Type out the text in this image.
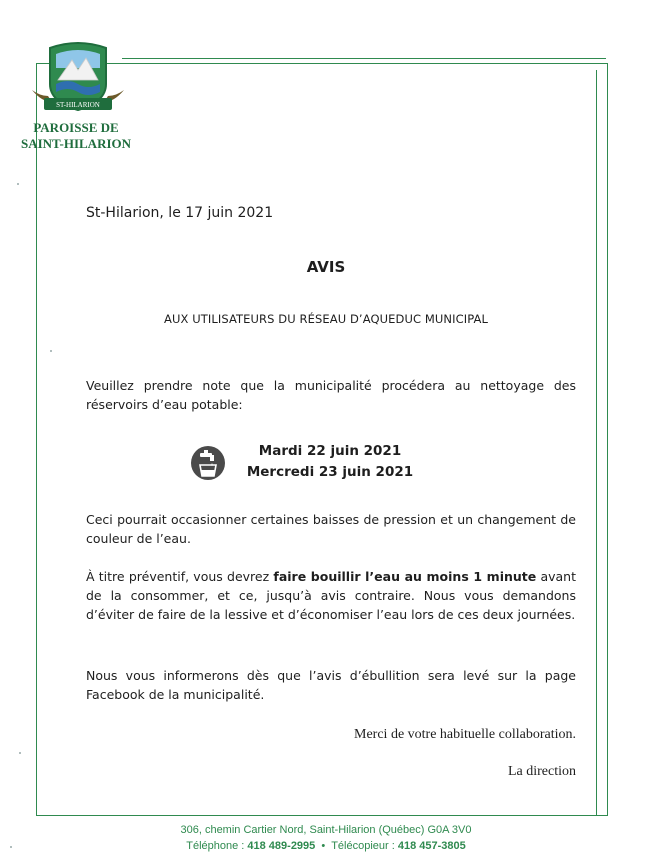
ST-HILARION
PAROISSE DE
SAINT-HILARION
St-Hilarion, le 17 juin 2021
AVIS
AUX UTILISATEURS DU RÉSEAU D’AQUEDUC MUNICIPAL
Veuillez prendre note que la municipalité procédera au nettoyage des réservoirs d’eau potable:
Mardi 22 juin 2021
Mercredi 23 juin 2021
Ceci pourrait occasionner certaines baisses de pression et un changement de couleur de l’eau.
À titre préventif, vous devrez faire bouillir l’eau au moins 1 minute avant de la consommer, et ce, jusqu’à avis contraire. Nous vous demandons d’éviter de faire de la lessive et d’économiser l’eau lors de ces deux journées.
Nous vous informerons dès que l’avis d’ébullition sera levé sur la page Facebook de la municipalité.
Merci de votre habituelle collaboration.
La direction
306, chemin Cartier Nord, Saint-Hilarion (Québec) G0A 3V0
Téléphone : 418 489-2995  •  Télécopieur : 418 457-3805
